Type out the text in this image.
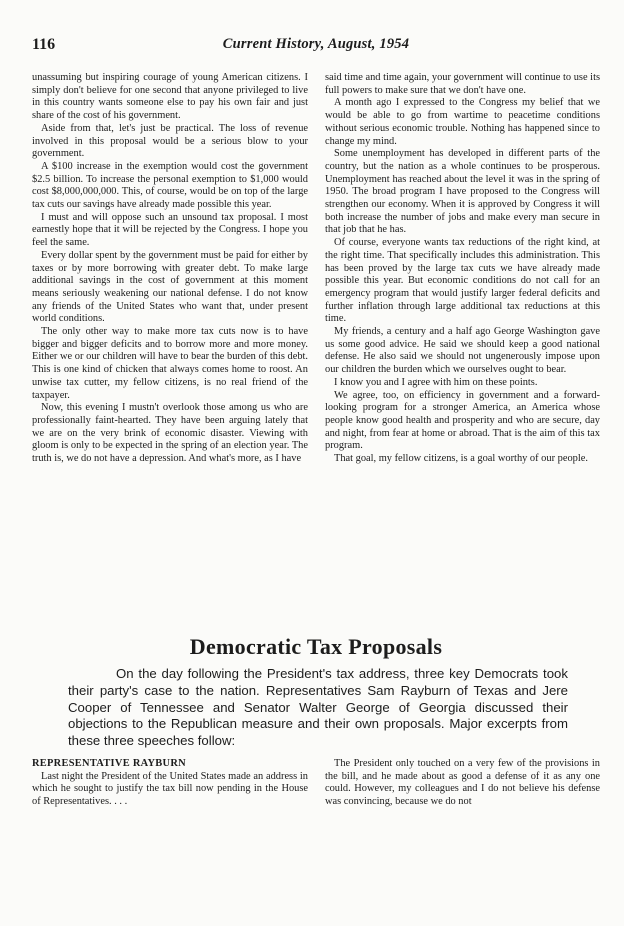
116	Current History, August, 1954

unassuming but inspiring courage of young American citizens. I simply don't believe for one second that anyone privileged to live in this country wants someone else to pay his own fair and just share of the cost of his government.

Aside from that, let's just be practical. The loss of revenue involved in this proposal would be a serious blow to your government.

A $100 increase in the exemption would cost the government $2.5 billion. To increase the personal exemption to $1,000 would cost $8,000,000,000. This, of course, would be on top of the large tax cuts our savings have already made possible this year.

I must and will oppose such an unsound tax proposal. I most earnestly hope that it will be rejected by the Congress. I hope you feel the same.

Every dollar spent by the government must be paid for either by taxes or by more borrowing with greater debt. To make large additional savings in the cost of government at this moment means seriously weakening our national defense. I do not know any friends of the United States who want that, under present world conditions.

The only other way to make more tax cuts now is to have bigger and bigger deficits and to borrow more and more money. Either we or our children will have to bear the burden of this debt. This is one kind of chicken that always comes home to roost. An unwise tax cutter, my fellow citizens, is no real friend of the taxpayer.

Now, this evening I mustn't overlook those among us who are professionally faint-hearted. They have been arguing lately that we are on the very brink of economic disaster. Viewing with gloom is only to be expected in the spring of an election year. The truth is, we do not have a depression. And what's more, as I have

said time and time again, your government will continue to use its full powers to make sure that we don't have one.

A month ago I expressed to the Congress my belief that we would be able to go from wartime to peacetime conditions without serious economic trouble. Nothing has happened since to change my mind.

Some unemployment has developed in different parts of the country, but the nation as a whole continues to be prosperous. Unemployment has reached about the level it was in the spring of 1950. The broad program I have proposed to the Congress will strengthen our economy. When it is approved by Congress it will both increase the number of jobs and make every man secure in that job that he has.

Of course, everyone wants tax reductions of the right kind, at the right time. That specifically includes this administration. This has been proved by the large tax cuts we have already made possible this year. But economic conditions do not call for an emergency program that would justify larger federal deficits and further inflation through large additional tax reductions at this time.

My friends, a century and a half ago George Washington gave us some good advice. He said we should keep a good national defense. He also said we should not ungenerously impose upon our children the burden which we ourselves ought to bear.

I know you and I agree with him on these points.

We agree, too, on efficiency in government and a forward-looking program for a stronger America, an America whose people know good health and prosperity and who are secure, day and night, from fear at home or abroad. That is the aim of this tax program.

That goal, my fellow citizens, is a goal worthy of our people.

Democratic Tax Proposals

On the day following the President's tax address, three key Democrats took their party's case to the nation. Representatives Sam Rayburn of Texas and Jere Cooper of Tennessee and Senator Walter George of Georgia discussed their objections to the Republican measure and their own proposals. Major excerpts from these three speeches follow:

REPRESENTATIVE RAYBURN

Last night the President of the United States made an address in which he sought to justify the tax bill now pending in the House of Representatives. . . .

The President only touched on a very few of the provisions in the bill, and he made about as good a defense of it as any one could. However, my colleagues and I do not believe his defense was convincing, because we do not
